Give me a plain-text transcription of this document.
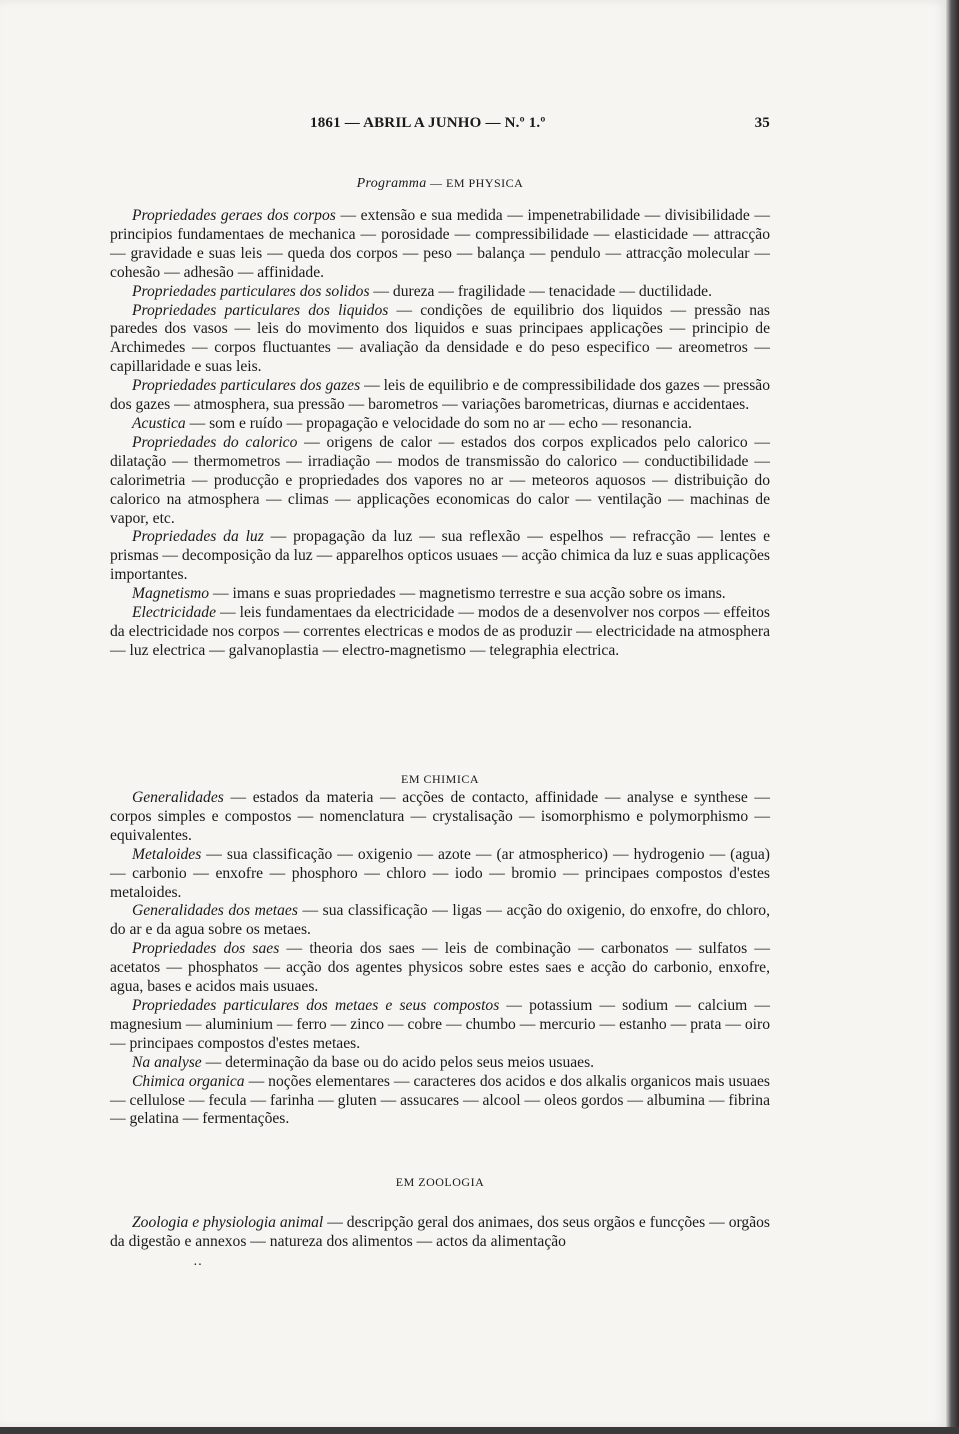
1861 — ABRIL A JUNHO — N.º 1.º	35
Programma — EM PHYSICA

Propriedades geraes dos corpos — extensão e sua medida — impenetrabilidade — divisibilidade — principios fundamentaes de mechanica — porosidade — compressibilidade — elasticidade — attracção — gravidade e suas leis — queda dos corpos — peso — balança — pendulo — attracção molecular — cohesão — adhesão — affinidade.

Propriedades particulares dos solidos — dureza — fragilidade — tenacidade — ductilidade.

Propriedades particulares dos liquidos — condições de equilibrio dos liquidos — pressão nas paredes dos vasos — leis do movimento dos liquidos e suas principaes applicações — principio de Archimedes — corpos fluctuantes — avaliação da densidade e do peso especifico — areometros — capillaridade e suas leis.

Propriedades particulares dos gazes — leis de equilibrio e de compressibilidade dos gazes — pressão dos gazes — atmosphera, sua pressão — barometros — variações barometricas, diurnas e accidentaes.

Acustica — som e ruído — propagação e velocidade do som no ar — echo — resonancia.

Propriedades do calorico — origens de calor — estados dos corpos explicados pelo calorico — dilatação — thermometros — irradiação — modos de transmissão do calorico — conductibilidade — calorimetria — producção e propriedades dos vapores no ar — meteoros aquosos — distribuição do calorico na atmosphera — climas — applicações economicas do calor — ventilação — machinas de vapor, etc.

Propriedades da luz — propagação da luz — sua reflexão — espelhos — refracção — lentes e prismas — decomposição da luz — apparelhos opticos usuaes — acção chimica da luz e suas applicações importantes.

Magnetismo — imans e suas propriedades — magnetismo terrestre e sua acção sobre os imans.

Electricidade — leis fundamentaes da electricidade — modos de a desenvolver nos corpos — effeitos da electricidade nos corpos — correntes electricas e modos de as produzir — electricidade na atmosphera — luz electrica — galvanoplastia — electro-magnetismo — telegraphia electrica.

EM CHIMICA

Generalidades — estados da materia — acções de contacto, affinidade — analyse e synthese — corpos simples e compostos — nomenclatura — crystalisação — isomorphismo e polymorphismo — equivalentes.

Metaloides — sua classificação — oxigenio — azote — (ar atmospherico) — hydrogenio — (agua) — carbonio — enxofre — phosphoro — chloro — iodo — bromio — principaes compostos d'estes metaloides.

Generalidades dos metaes — sua classificação — ligas — acção do oxigenio, do enxofre, do chloro, do ar e da agua sobre os metaes.

Propriedades dos saes — theoria dos saes — leis de combinação — carbonatos — sulfatos — acetatos — phosphatos — acção dos agentes physicos sobre estes saes e acção do carbonio, enxofre, agua, bases e acidos mais usuaes.

Propriedades particulares dos metaes e seus compostos — potassium — sodium — calcium — magnesium — aluminium — ferro — zinco — cobre — chumbo — mercurio — estanho — prata — oiro — principaes compostos d'estes metaes.

Na analyse — determinação da base ou do acido pelos seus meios usuaes.

Chimica organica — noções elementares — caracteres dos acidos e dos alkalis organicos mais usuaes — cellulose — fecula — farinha — gluten — assucares — alcool — oleos gordos — albumina — fibrina — gelatina — fermentações.

EM ZOOLOGIA

Zoologia e physiologia animal — descripção geral dos animaes, dos seus orgãos e funcções — orgãos da digestão e annexos — natureza dos alimentos — actos da alimentação

··
